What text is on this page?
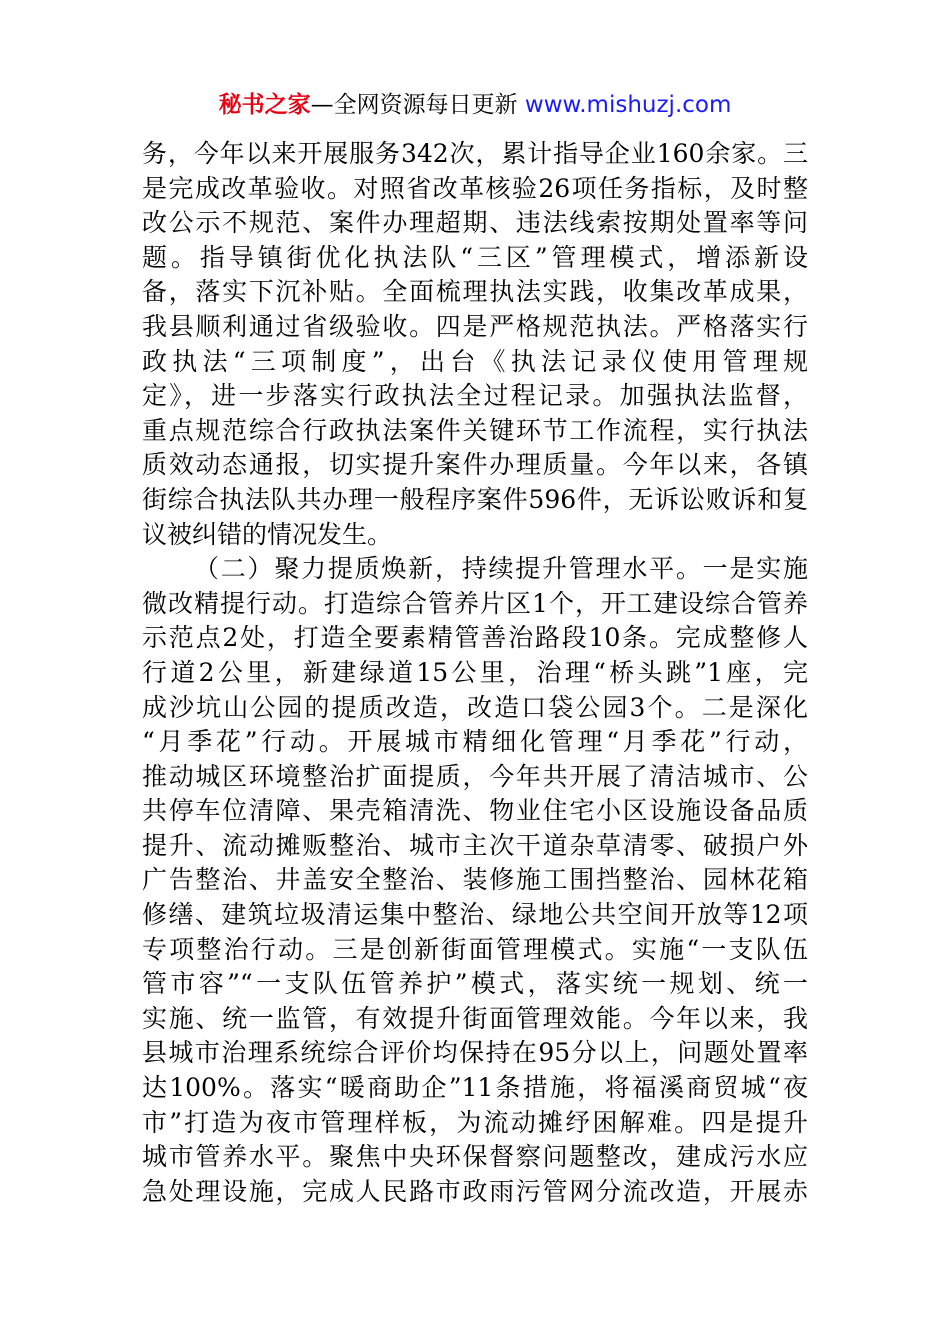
秘书之家—全网资源每日更新 www.mishuzj.com
务，今年以来开展服务342次，累计指导企业160余家。三
是完成改革验收。对照省改革核验26项任务指标，及时整
改公示不规范、案件办理超期、违法线索按期处置率等问
题。指导镇街优化执法队“三区”管理模式，增添新设
备，落实下沉补贴。全面梳理执法实践，收集改革成果，
我县顺利通过省级验收。四是严格规范执法。严格落实行
政执法“三项制度”，出台《执法记录仪使用管理规
定》，进一步落实行政执法全过程记录。加强执法监督，
重点规范综合行政执法案件关键环节工作流程，实行执法
质效动态通报，切实提升案件办理质量。今年以来，各镇
街综合执法队共办理一般程序案件596件，无诉讼败诉和复
议被纠错的情况发生。
（二）聚力提质焕新，持续提升管理水平。一是实施
微改精提行动。打造综合管养片区1个，开工建设综合管养
示范点2处，打造全要素精管善治路段10条。完成整修人
行道2公里，新建绿道15公里，治理“桥头跳”1座，完
成沙坑山公园的提质改造，改造口袋公园3个。二是深化
“月季花”行动。开展城市精细化管理“月季花”行动，
推动城区环境整治扩面提质，今年共开展了清洁城市、公
共停车位清障、果壳箱清洗、物业住宅小区设施设备品质
提升、流动摊贩整治、城市主次干道杂草清零、破损户外
广告整治、井盖安全整治、装修施工围挡整治、园林花箱
修缮、建筑垃圾清运集中整治、绿地公共空间开放等12项
专项整治行动。三是创新街面管理模式。实施“一支队伍
管市容”“一支队伍管养护”模式，落实统一规划、统一
实施、统一监管，有效提升街面管理效能。今年以来，我
县城市治理系统综合评价均保持在95分以上，问题处置率
达100%。落实“暖商助企”11条措施，将福溪商贸城“夜
市”打造为夜市管理样板，为流动摊纾困解难。四是提升
城市管养水平。聚焦中央环保督察问题整改，建成污水应
急处理设施，完成人民路市政雨污管网分流改造，开展赤
